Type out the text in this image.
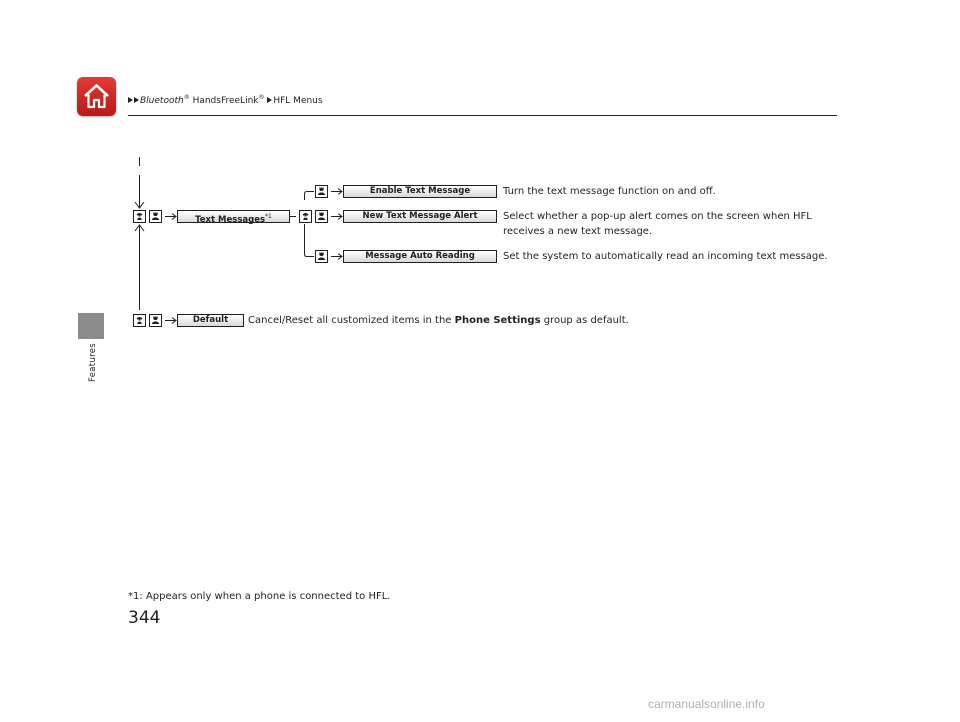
Bluetooth® HandsFreeLink® HFL Menus
Features
Text Messages$^{*1}$
Default
Enable Text Message
New Text Message Alert
Message Auto Reading
Turn the text message function on and off.
Select whether a pop-up alert comes on the screen when HFL receives a new text message.
Set the system to automatically read an incoming text message.
Cancel/Reset all customized items in the Phone Settings group as default.
*1: Appears only when a phone is connected to HFL.
344
carmanualsonline.info
